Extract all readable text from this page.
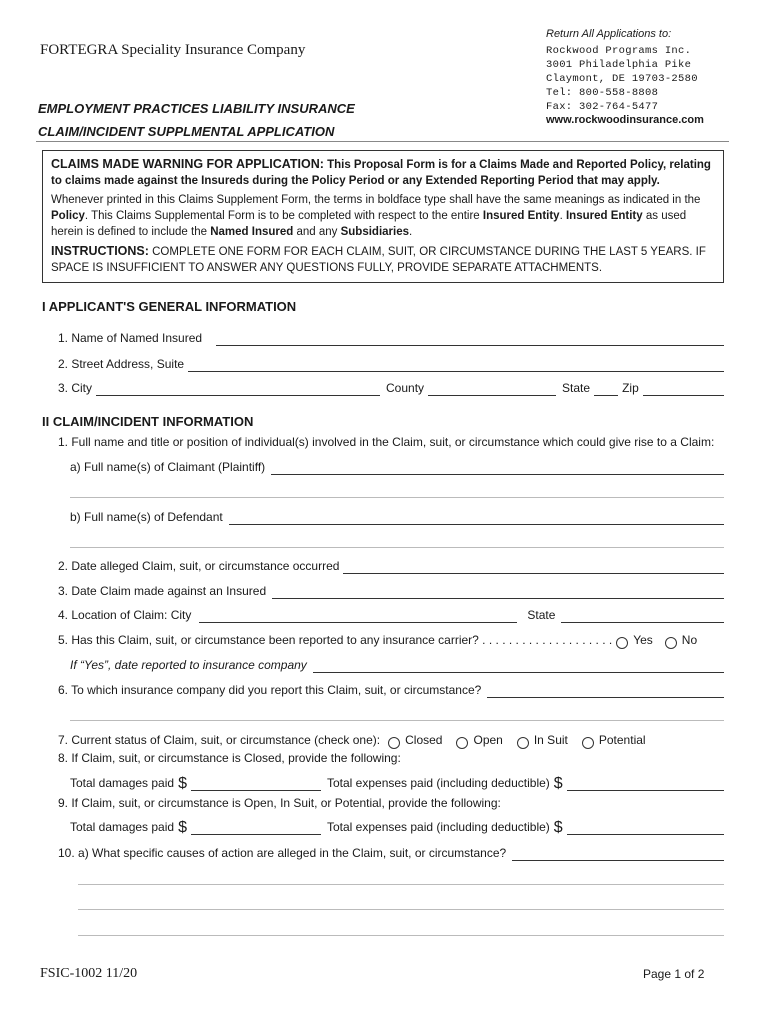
FORTEGRA Speciality Insurance Company
Return All Applications to:
Rockwood Programs Inc.
3001 Philadelphia Pike
Claymont, DE 19703-2580
Tel: 800-558-8808
Fax: 302-764-5477
www.rockwoodinsurance.com
EMPLOYMENT PRACTICES LIABILITY INSURANCE
CLAIM/INCIDENT SUPPLMENTAL APPLICATION

CLAIMS MADE WARNING FOR APPLICATION: This Proposal Form is for a Claims Made and Reported Policy, relating to claims made against the Insureds during the Policy Period or any Extended Reporting Period that may apply.

Whenever printed in this Claims Supplement Form, the terms in boldface type shall have the same meanings as indicated in the Policy. This Claims Supplemental Form is to be completed with respect to the entire Insured Entity. Insured Entity as used herein is defined to include the Named Insured and any Subsidiaries.

INSTRUCTIONS: COMPLETE ONE FORM FOR EACH CLAIM, SUIT, OR CIRCUMSTANCE DURING THE LAST 5 YEARS. IF SPACE IS INSUFFICIENT TO ANSWER ANY QUESTIONS FULLY, PROVIDE SEPARATE ATTACHMENTS.

I APPLICANT'S GENERAL INFORMATION
1. Name of Named Insured
2. Street Address, Suite
3. City	County	State	Zip
II CLAIM/INCIDENT INFORMATION
1. Full name and title or position of individual(s) involved in the Claim, suit, or circumstance which could give rise to a Claim:
a) Full name(s) of Claimant (Plaintiff)
b) Full name(s) of Defendant
2. Date alleged Claim, suit, or circumstance occurred
3. Date Claim made against an Insured
4. Location of Claim: City	State
5. Has this Claim, suit, or circumstance been reported to any insurance carrier? . . . . . . . . . . . . . . . . . . . . Yes No
If “Yes”, date reported to insurance company
6. To which insurance company did you report this Claim, suit, or circumstance?
7. Current status of Claim, suit, or circumstance (check one): Closed	Open	In Suit	Potential
8. If Claim, suit, or circumstance is Closed, provide the following:
Total damages paid $	Total expenses paid (including deductible) $
9. If Claim, suit, or circumstance is Open, In Suit, or Potential, provide the following:
Total damages paid $	Total expenses paid (including deductible) $
10. a) What specific causes of action are alleged in the Claim, suit, or circumstance?
FSIC-1002 11/20	Page 1 of 2
